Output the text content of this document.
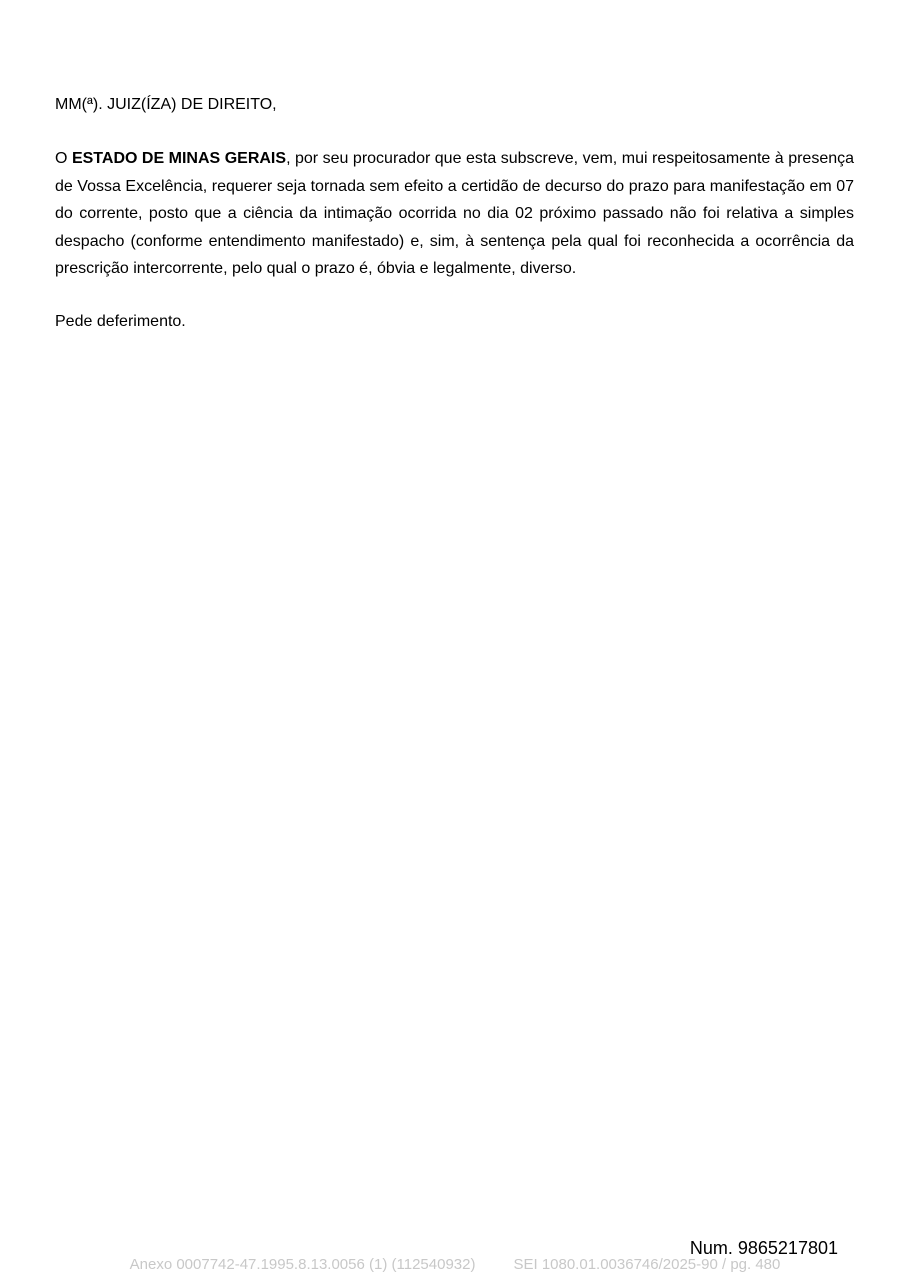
MM(ª). JUIZ(ÍZA) DE DIREITO,

O ESTADO DE MINAS GERAIS, por seu procurador que esta subscreve, vem, mui respeitosamente à presença de Vossa Excelência, requerer seja tornada sem efeito a certidão de decurso do prazo para manifestação em 07 do corrente, posto que a ciência da intimação ocorrida no dia 02 próximo passado não foi relativa a simples despacho (conforme entendimento manifestado) e, sim, à sentença pela qual foi reconhecida a ocorrência da prescrição intercorrente, pelo qual o prazo é, óbvia e legalmente, diverso.

Pede deferimento.
Num. 9865217801
Anexo 0007742-47.1995.8.13.0056 (1) (112540932)	SEI 1080.01.0036746/2025-90 / pg. 480
